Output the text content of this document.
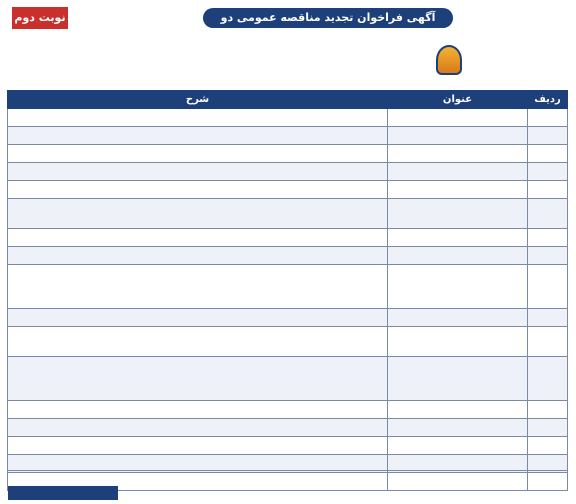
آگهی فراخوان تجدید مناقصه عمومی دو مرحله‌ای
نوبت دوم
ردیف	عنوان	شرح
